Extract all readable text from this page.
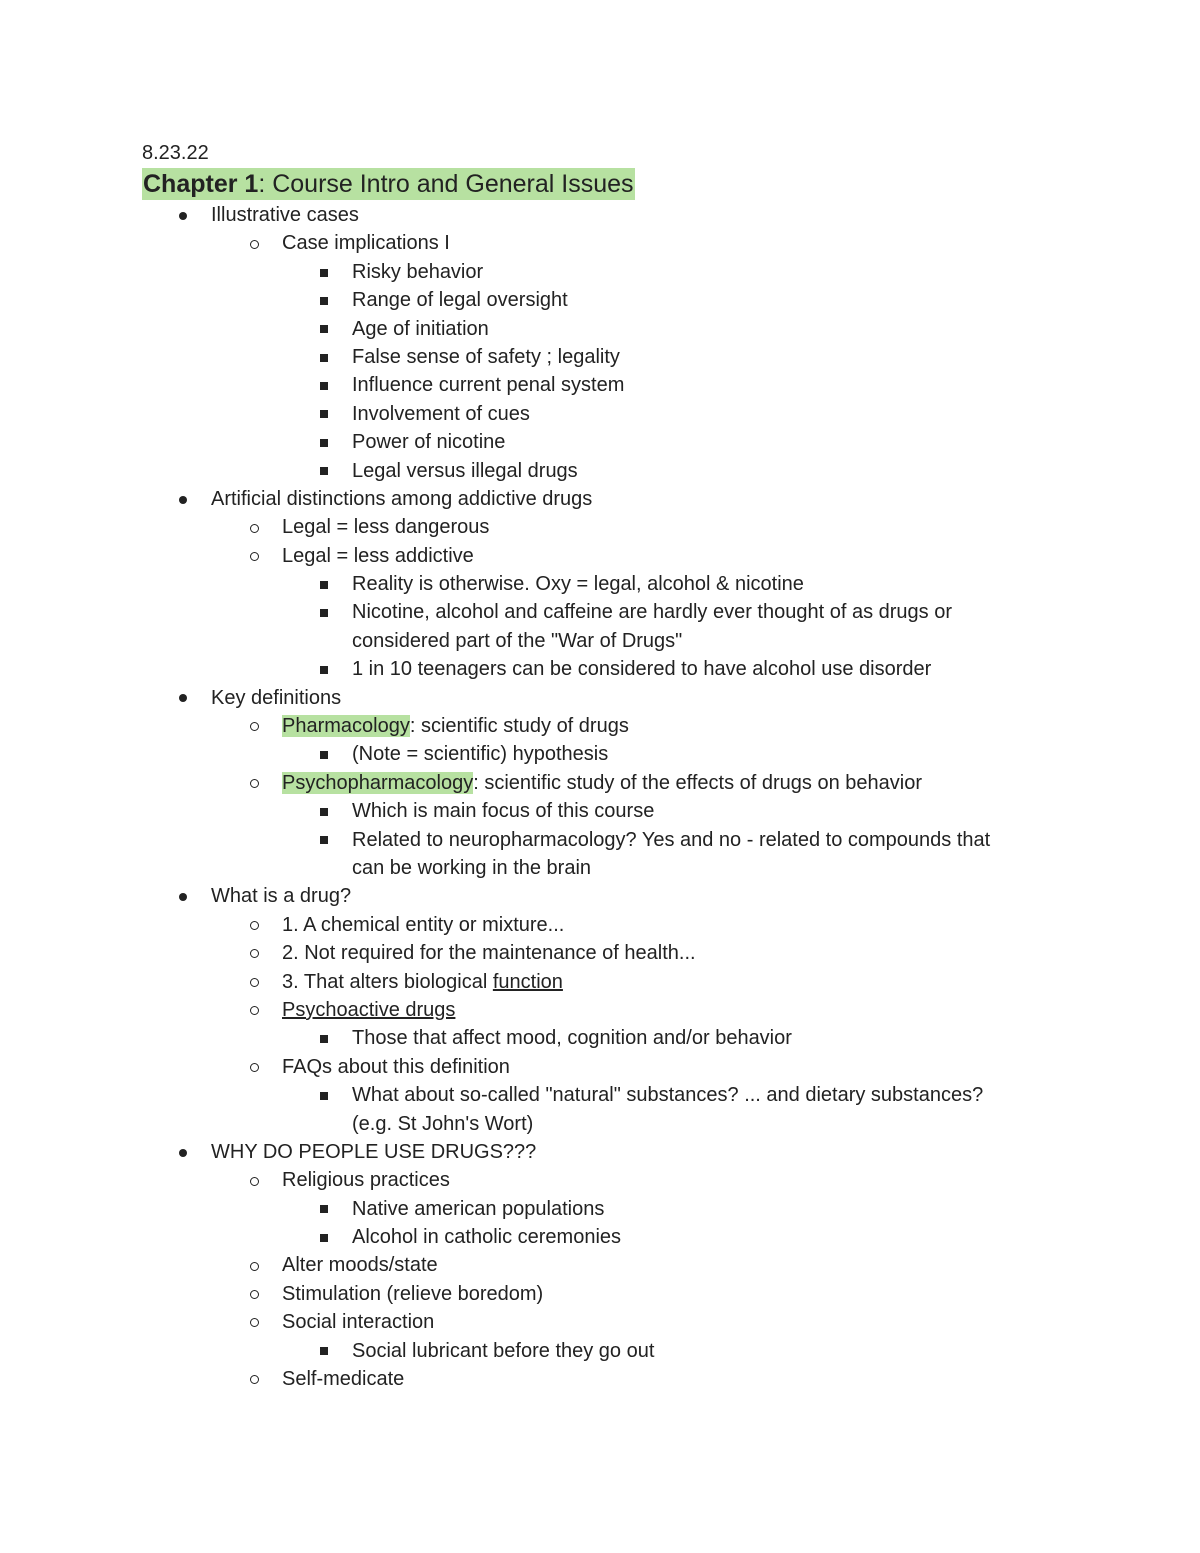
8.23.22
Chapter 1: Course Intro and General Issues
Illustrative cases
Case implications I
Risky behavior
Range of legal oversight
Age of initiation
False sense of safety ; legality
Influence current penal system
Involvement of cues
Power of nicotine
Legal versus illegal drugs
Artificial distinctions among addictive drugs
Legal = less dangerous
Legal = less addictive
Reality is otherwise. Oxy = legal, alcohol & nicotine
Nicotine, alcohol and caffeine are hardly ever thought of as drugs or
considered part of the "War of Drugs"
1 in 10 teenagers can be considered to have alcohol use disorder
Key definitions
Pharmacology: scientific study of drugs
(Note = scientific) hypothesis
Psychopharmacology: scientific study of the effects of drugs on behavior
Which is main focus of this course
Related to neuropharmacology? Yes and no - related to compounds that
can be working in the brain
What is a drug?
1. A chemical entity or mixture...
2. Not required for the maintenance of health...
3. That alters biological function
Psychoactive drugs
Those that affect mood, cognition and/or behavior
FAQs about this definition
What about so-called "natural" substances? ... and dietary substances?
(e.g. St John's Wort)
WHY DO PEOPLE USE DRUGS???
Religious practices
Native american populations
Alcohol in catholic ceremonies
Alter moods/state
Stimulation (relieve boredom)
Social interaction
Social lubricant before they go out
Self-medicate
